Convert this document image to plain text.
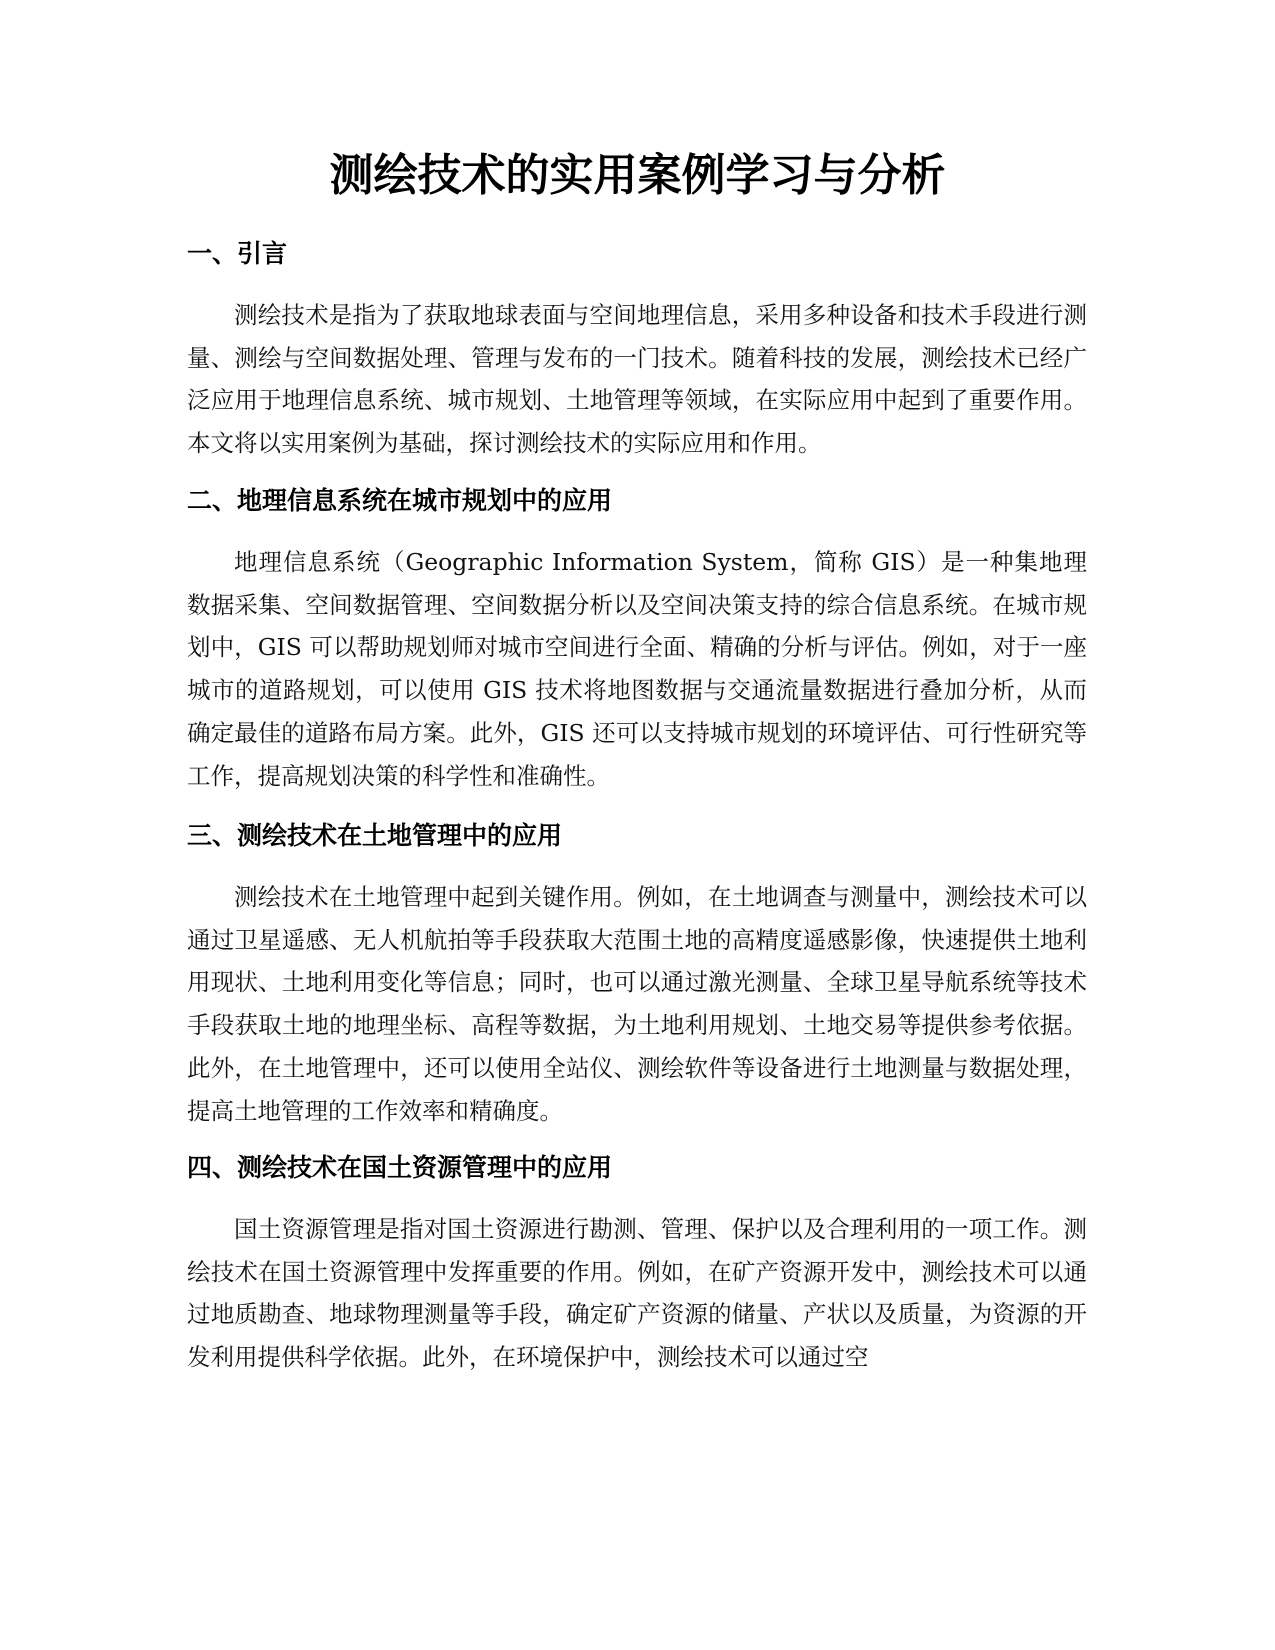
测绘技术的实用案例学习与分析
一、引言

测绘技术是指为了获取地球表面与空间地理信息，采用多种设备和技术手段进行测量、测绘与空间数据处理、管理与发布的一门技术。随着科技的发展，测绘技术已经广泛应用于地理信息系统、城市规划、土地管理等领域，在实际应用中起到了重要作用。本文将以实用案例为基础，探讨测绘技术的实际应用和作用。

二、地理信息系统在城市规划中的应用

地理信息系统（Geographic Information System，简称 GIS）是一种集地理数据采集、空间数据管理、空间数据分析以及空间决策支持的综合信息系统。在城市规划中，GIS 可以帮助规划师对城市空间进行全面、精确的分析与评估。例如，对于一座城市的道路规划，可以使用 GIS 技术将地图数据与交通流量数据进行叠加分析，从而确定最佳的道路布局方案。此外，GIS 还可以支持城市规划的环境评估、可行性研究等工作，提高规划决策的科学性和准确性。

三、测绘技术在土地管理中的应用

测绘技术在土地管理中起到关键作用。例如，在土地调查与测量中，测绘技术可以通过卫星遥感、无人机航拍等手段获取大范围土地的高精度遥感影像，快速提供土地利用现状、土地利用变化等信息；同时，也可以通过激光测量、全球卫星导航系统等技术手段获取土地的地理坐标、高程等数据，为土地利用规划、土地交易等提供参考依据。此外，在土地管理中，还可以使用全站仪、测绘软件等设备进行土地测量与数据处理，提高土地管理的工作效率和精确度。

四、测绘技术在国土资源管理中的应用

国土资源管理是指对国土资源进行勘测、管理、保护以及合理利用的一项工作。测绘技术在国土资源管理中发挥重要的作用。例如，在矿产资源开发中，测绘技术可以通过地质勘查、地球物理测量等手段，确定矿产资源的储量、产状以及质量，为资源的开发利用提供科学依据。此外，在环境保护中，测绘技术可以通过空
